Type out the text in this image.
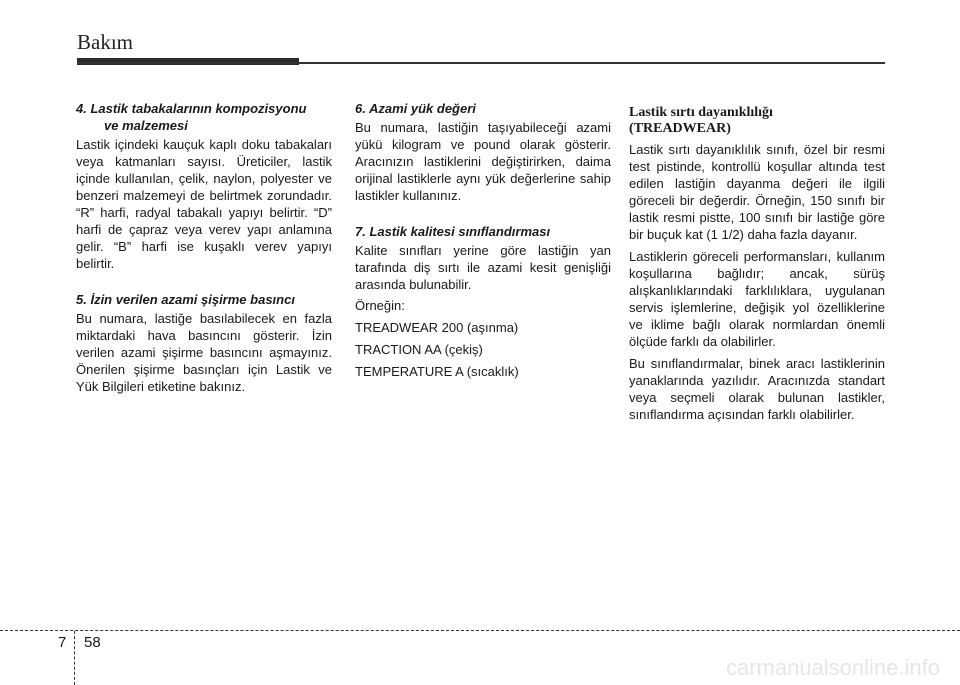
Bakım
4. Lastik tabakalarının kompozisyonu
ve malzemesi

Lastik içindeki kauçuk kaplı doku tabakaları veya katmanları sayısı. Üreticiler, lastik içinde kullanılan, çelik, naylon, polyester ve benzeri malzemeyi de belirtmek zorundadır. “R” harfi, radyal tabakalı yapıyı belirtir. “D” harfi de çapraz veya verev yapı anlamına gelir. “B” harfi ise kuşaklı verev yapıyı belirtir.

5. İzin verilen azami şişirme basıncı

Bu numara, lastiğe basılabilecek en fazla miktardaki hava basıncını gösterir. İzin verilen azami şişirme basıncını aşmayınız. Önerilen şişirme basınçları için Lastik ve Yük Bilgileri etiketine bakınız.

6. Azami yük değeri

Bu numara, lastiğin taşıyabileceği azami yükü kilogram ve pound olarak gösterir. Aracınızın lastiklerini değiştirirken, daima orijinal lastiklerle aynı yük değerlerine sahip lastikler kullanınız.

7. Lastik kalitesi sınıflandırması

Kalite sınıfları yerine göre lastiğin yan tarafında diş sırtı ile azami kesit genişliği arasında bulunabilir.

Örneğin:

TREADWEAR 200 (aşınma)

TRACTION AA (çekiş)

TEMPERATURE A (sıcaklık)

Lastik sırtı dayanıklılığı
(TREADWEAR)

Lastik sırtı dayanıklılık sınıfı, özel bir resmi test pistinde, kontrollü koşullar altında test edilen lastiğin dayanma değeri ile ilgili göreceli bir değerdir. Örneğin, 150 sınıfı bir lastik resmi pistte, 100 sınıfı bir lastiğe göre bir buçuk kat (1 1/2) daha fazla dayanır.

Lastiklerin göreceli performansları, kullanım koşullarına bağlıdır; ancak, sürüş alışkanlıklarındaki farklılıklara, uygulanan servis işlemlerine, değişik yol özelliklerine ve iklime bağlı olarak normlardan önemli ölçüde farklı da olabilirler.

Bu sınıflandırmalar, binek aracı lastiklerinin yanaklarında yazılıdır. Aracınızda standart veya seçmeli olarak bulunan lastikler, sınıflandırma açısından farklı olabilirler.

7 58
carmanualsonline.info
